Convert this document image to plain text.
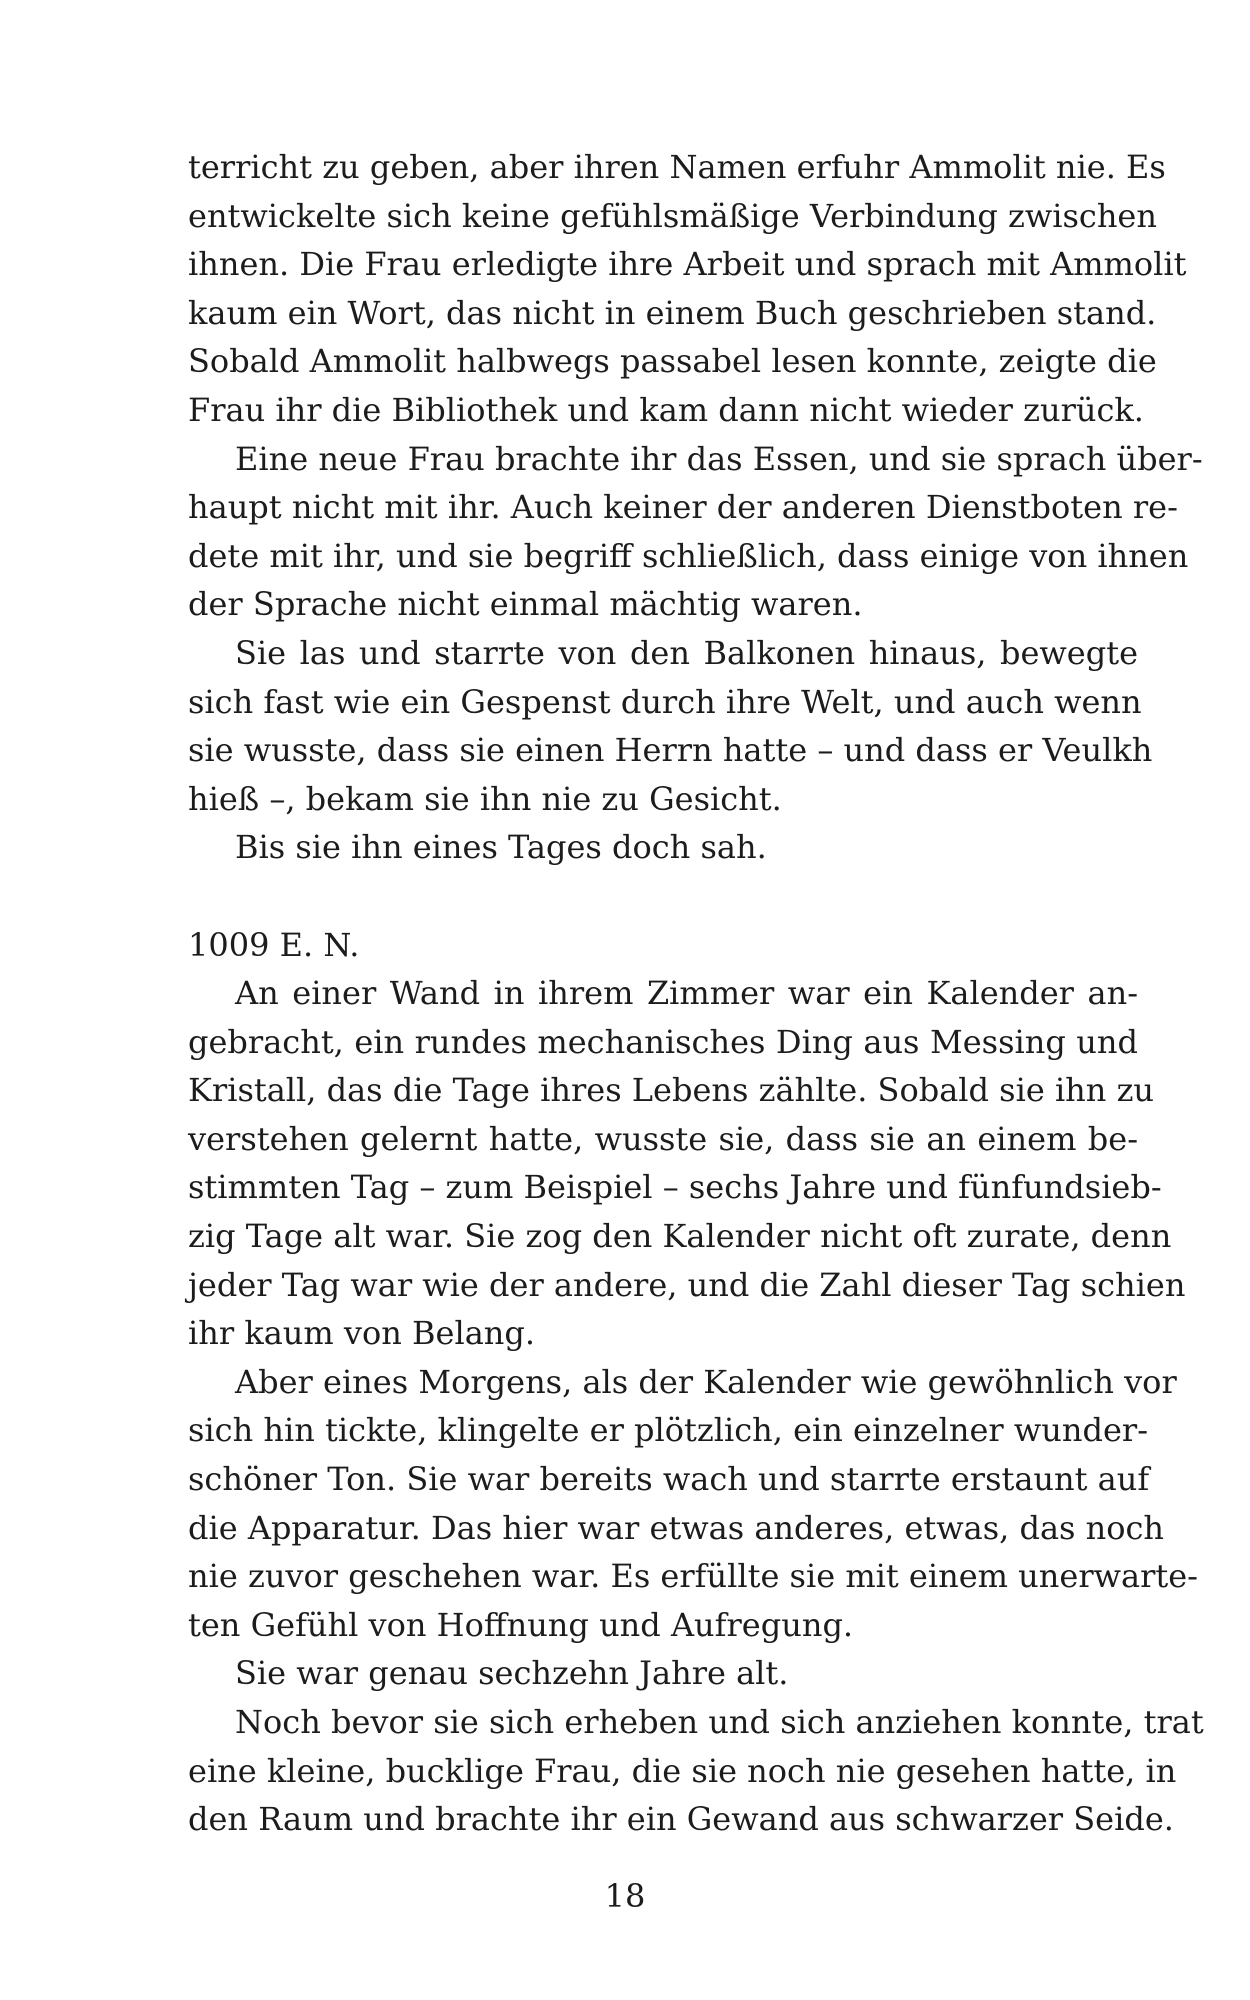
terricht zu geben, aber ihren Namen erfuhr Ammolit nie. Es
entwickelte sich keine gefühlsmäßige Verbindung zwischen
ihnen. Die Frau erledigte ihre Arbeit und sprach mit Ammolit
kaum ein Wort, das nicht in einem Buch geschrieben stand.
Sobald Ammolit halbwegs passabel lesen konnte, zeigte die
Frau ihr die Bibliothek und kam dann nicht wieder zurück.
Eine neue Frau brachte ihr das Essen, und sie sprach über-
haupt nicht mit ihr. Auch keiner der anderen Dienstboten re-
dete mit ihr, und sie begriff schließlich, dass einige von ihnen
der Sprache nicht einmal mächtig waren.
Sie las und starrte von den Balkonen hinaus, bewegte
sich fast wie ein Gespenst durch ihre Welt, und auch wenn
sie wusste, dass sie einen Herrn hatte – und dass er Veulkh
hieß –, bekam sie ihn nie zu Gesicht.
Bis sie ihn eines Tages doch sah.
1009 E. N.
An einer Wand in ihrem Zimmer war ein Kalender an-
gebracht, ein rundes mechanisches Ding aus Messing und
Kristall, das die Tage ihres Lebens zählte. Sobald sie ihn zu
verstehen gelernt hatte, wusste sie, dass sie an einem be-
stimmten Tag – zum Beispiel – sechs Jahre und fünfundsieb-
zig Tage alt war. Sie zog den Kalender nicht oft zurate, denn
jeder Tag war wie der andere, und die Zahl dieser Tag schien
ihr kaum von Belang.
Aber eines Morgens, als der Kalender wie gewöhnlich vor
sich hin tickte, klingelte er plötzlich, ein einzelner wunder-
schöner Ton. Sie war bereits wach und starrte erstaunt auf
die Apparatur. Das hier war etwas anderes, etwas, das noch
nie zuvor geschehen war. Es erfüllte sie mit einem unerwarte-
ten Gefühl von Hoffnung und Aufregung.
Sie war genau sechzehn Jahre alt.
Noch bevor sie sich erheben und sich anziehen konnte, trat
eine kleine, bucklige Frau, die sie noch nie gesehen hatte, in
den Raum und brachte ihr ein Gewand aus schwarzer Seide.
18
